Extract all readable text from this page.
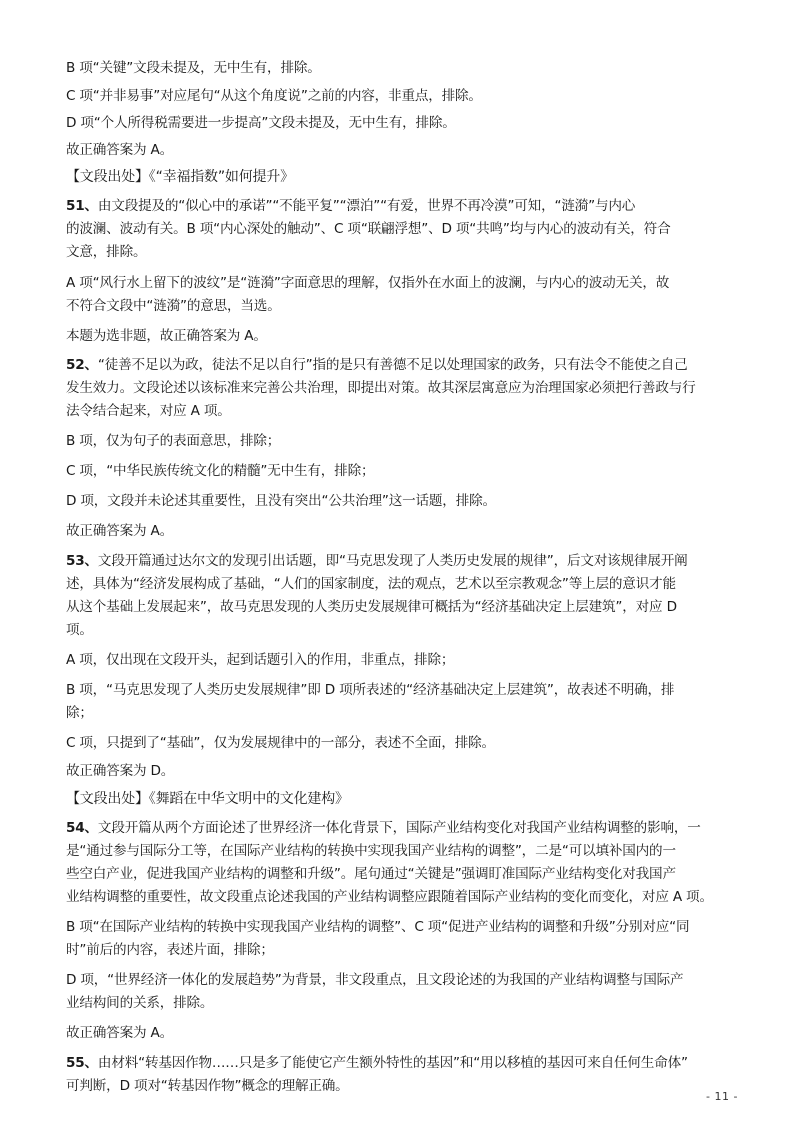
B 项“关键”文段未提及，无中生有，排除。
C 项“并非易事”对应尾句“从这个角度说”之前的内容，非重点，排除。
D 项“个人所得税需要进一步提高”文段未提及，无中生有，排除。
故正确答案为 A。
【文段出处】《“幸福指数”如何提升》
51、由文段提及的“似心中的承诺”“不能平复”“漂泊”“有爱，世界不再冷漠”可知，“涟漪”与内心
的波澜、波动有关。B 项“内心深处的触动”、C 项“联翩浮想”、D 项“共鸣”均与内心的波动有关，符合
文意，排除。
A 项“风行水上留下的波纹”是“涟漪”字面意思的理解，仅指外在水面上的波澜，与内心的波动无关，故
不符合文段中“涟漪”的意思，当选。
本题为选非题，故正确答案为 A。
52、“徒善不足以为政，徒法不足以自行”指的是只有善德不足以处理国家的政务，只有法令不能使之自己
发生效力。文段论述以该标准来完善公共治理，即提出对策。故其深层寓意应为治理国家必须把行善政与行
法令结合起来，对应 A 项。
B 项，仅为句子的表面意思，排除；
C 项，“中华民族传统文化的精髓”无中生有，排除；
D 项，文段并未论述其重要性，且没有突出“公共治理”这一话题，排除。
故正确答案为 A。
53、文段开篇通过达尔文的发现引出话题，即“马克思发现了人类历史发展的规律”，后文对该规律展开阐
述，具体为“经济发展构成了基础，“人们的国家制度，法的观点，艺术以至宗教观念”等上层的意识才能
从这个基础上发展起来”，故马克思发现的人类历史发展规律可概括为“经济基础决定上层建筑”，对应 D
项。
A 项，仅出现在文段开头，起到话题引入的作用，非重点，排除；
B 项，“马克思发现了人类历史发展规律”即 D 项所表述的“经济基础决定上层建筑”，故表述不明确，排
除；
C 项，只提到了“基础”，仅为发展规律中的一部分，表述不全面，排除。
故正确答案为 D。
【文段出处】《舞蹈在中华文明中的文化建构》
54、文段开篇从两个方面论述了世界经济一体化背景下，国际产业结构变化对我国产业结构调整的影响，一
是“通过参与国际分工等，在国际产业结构的转换中实现我国产业结构的调整”，二是“可以填补国内的一
些空白产业，促进我国产业结构的调整和升级”。尾句通过“关键是”强调盯准国际产业结构变化对我国产
业结构调整的重要性，故文段重点论述我国的产业结构调整应跟随着国际产业结构的变化而变化，对应 A 项。
B 项“在国际产业结构的转换中实现我国产业结构的调整”、C 项“促进产业结构的调整和升级”分别对应“同
时”前后的内容，表述片面，排除；
D 项，“世界经济一体化的发展趋势”为背景，非文段重点，且文段论述的为我国的产业结构调整与国际产
业结构间的关系，排除。
故正确答案为 A。
55、由材料“转基因作物……只是多了能使它产生额外特性的基因”和“用以移植的基因可来自任何生命体”
可判断，D 项对“转基因作物”概念的理解正确。
- 11 -
